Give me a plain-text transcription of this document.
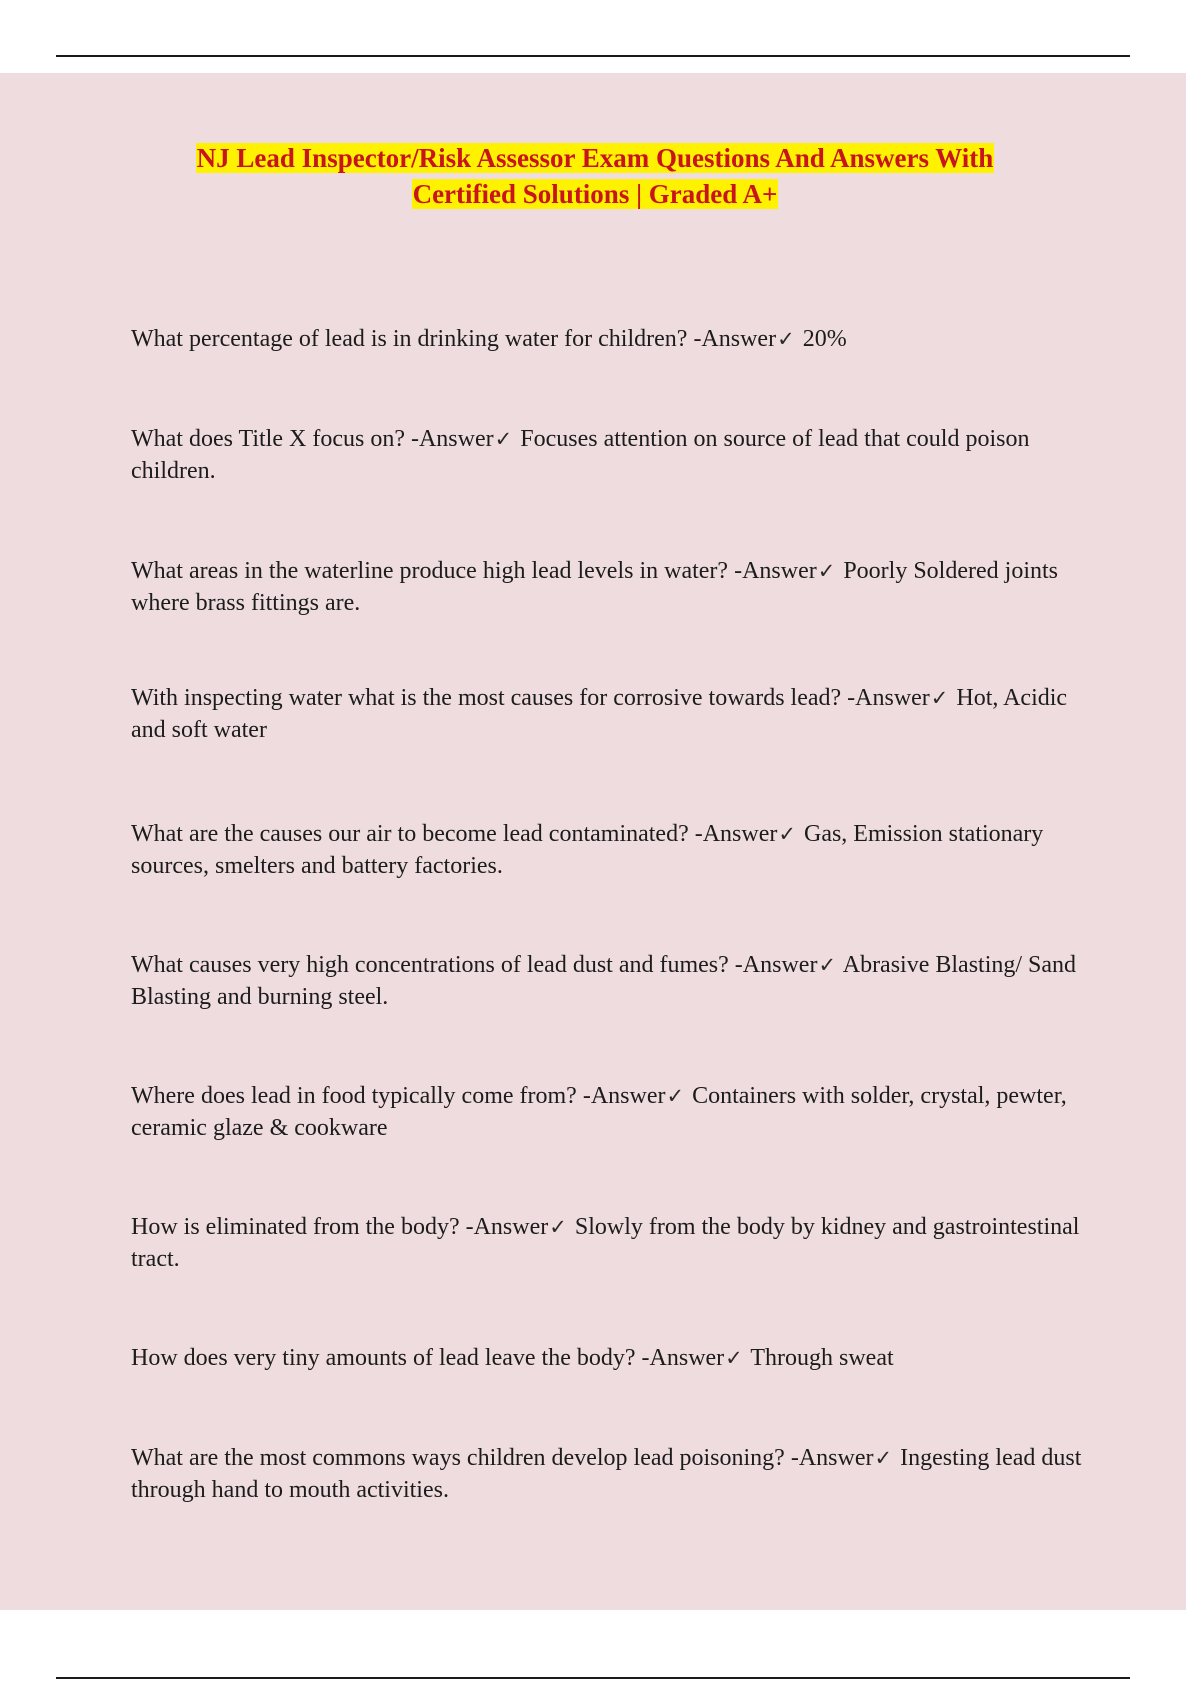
NJ Lead Inspector/Risk Assessor Exam Questions And Answers With
Certified Solutions | Graded A+
What percentage of lead is in drinking water for children? -Answer✓ 20%
What does Title X focus on? -Answer✓ Focuses attention on source of lead that could poison children.
What areas in the waterline produce high lead levels in water? -Answer✓ Poorly Soldered joints where brass fittings are.
With inspecting water what is the most causes for corrosive towards lead? -Answer✓ Hot, Acidic and soft water
What are the causes our air to become lead contaminated? -Answer✓ Gas, Emission stationary sources, smelters and battery factories.
What causes very high concentrations of lead dust and fumes? -Answer✓ Abrasive Blasting/ Sand Blasting and burning steel.
Where does lead in food typically come from? -Answer✓ Containers with solder, crystal, pewter, ceramic glaze & cookware
How is eliminated from the body? -Answer✓ Slowly from the body by kidney and gastrointestinal tract.
How does very tiny amounts of lead leave the body? -Answer✓ Through sweat
What are the most commons ways children develop lead poisoning? -Answer✓ Ingesting lead dust through hand to mouth activities.
